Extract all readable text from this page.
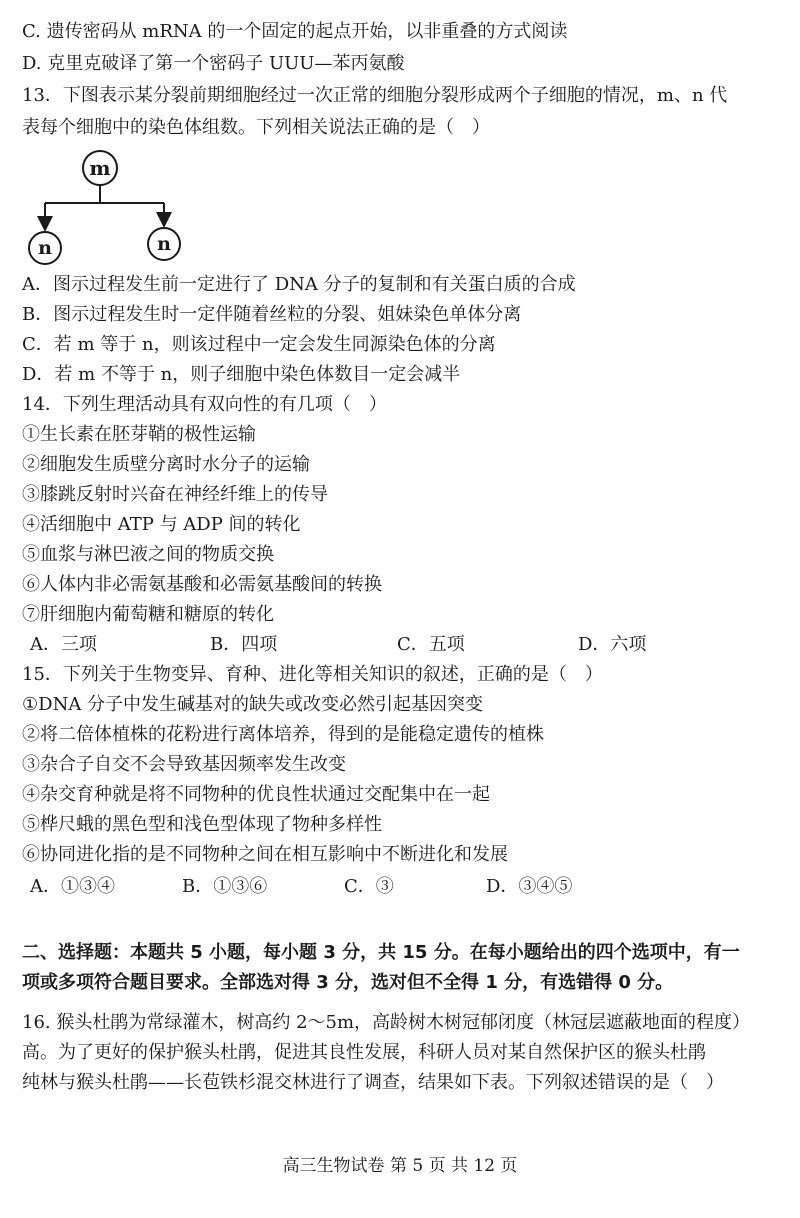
C. 遗传密码从 mRNA 的一个固定的起点开始，以非重叠的方式阅读
D. 克里克破译了第一个密码子 UUU—苯丙氨酸
13．下图表示某分裂前期细胞经过一次正常的细胞分裂形成两个子细胞的情况，m、n 代
表每个细胞中的染色体组数。下列相关说法正确的是（　）
m
n	n
A．图示过程发生前一定进行了 DNA 分子的复制和有关蛋白质的合成
B．图示过程发生时一定伴随着丝粒的分裂、姐妹染色单体分离
C．若 m 等于 n，则该过程中一定会发生同源染色体的分离
D．若 m 不等于 n，则子细胞中染色体数目一定会减半
14．下列生理活动具有双向性的有几项（　）
①生长素在胚芽鞘的极性运输
②细胞发生质壁分离时水分子的运输
③膝跳反射时兴奋在神经纤维上的传导
④活细胞中 ATP 与 ADP 间的转化
⑤血浆与淋巴液之间的物质交换
⑥人体内非必需氨基酸和必需氨基酸间的转换
⑦肝细胞内葡萄糖和糖原的转化
A．三项	B．四项	C．五项	D．六项
15．下列关于生物变异、育种、进化等相关知识的叙述，正确的是（　）
①DNA 分子中发生碱基对的缺失或改变必然引起基因突变
②将二倍体植株的花粉进行离体培养，得到的是能稳定遗传的植株
③杂合子自交不会导致基因频率发生改变
④杂交育种就是将不同物种的优良性状通过交配集中在一起
⑤桦尺蛾的黑色型和浅色型体现了物种多样性
⑥协同进化指的是不同物种之间在相互影响中不断进化和发展
A．①③④	B．①③⑥	C．③	D．③④⑤
二、选择题：本题共 5 小题，每小题 3 分，共 15 分。在每小题给出的四个选项中，有一
项或多项符合题目要求。全部选对得 3 分，选对但不全得 1 分，有选错得 0 分。
16. 猴头杜鹃为常绿灌木，树高约 2～5m，高龄树木树冠郁闭度（林冠层遮蔽地面的程度）
高。为了更好的保护猴头杜鹃，促进其良性发展，科研人员对某自然保护区的猴头杜鹃
纯林与猴头杜鹃——长苞铁杉混交林进行了调查，结果如下表。下列叙述错误的是（　）
高三生物试卷 第 5 页 共 12 页
